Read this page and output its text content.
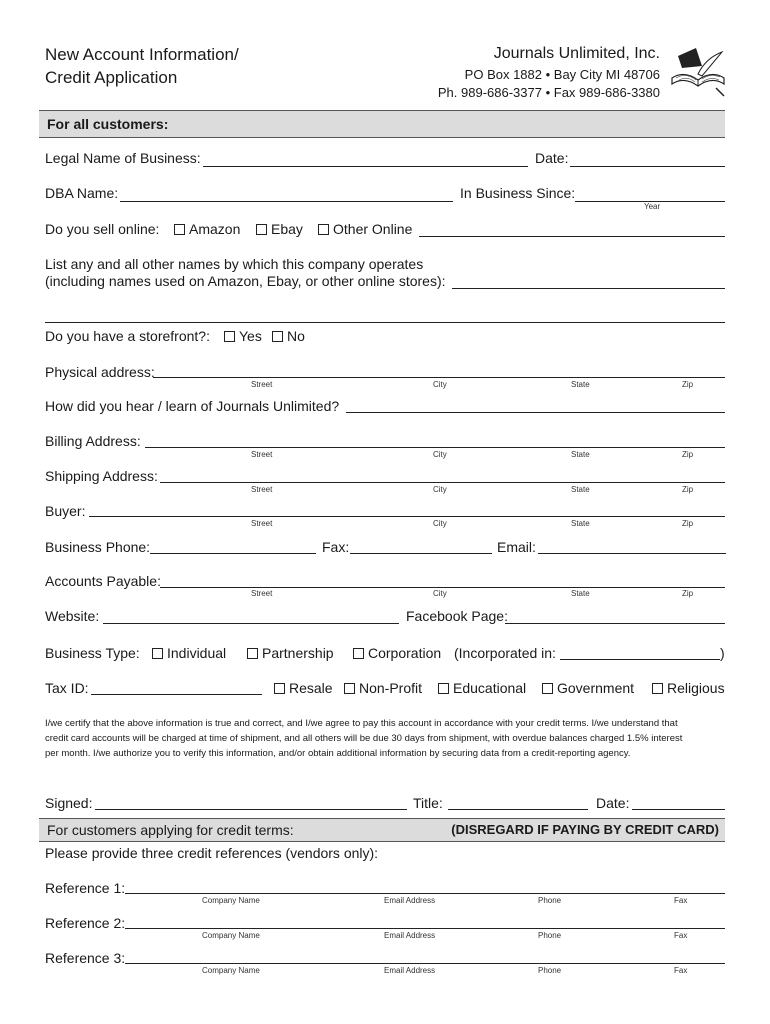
New Account Information/
Credit Application
Journals Unlimited, Inc.
PO Box 1882 • Bay City MI 48706
Ph. 989-686-3377 • Fax 989-686-3380
For all customers:
Legal Name of Business:	Date:
DBA Name:	In Business Since:
Year
Do you sell online:	Amazon	Ebay	Other Online
List any and all other names by which this company operates
(including names used on Amazon, Ebay, or other online stores):
Do you have a storefront?:	Yes	No
Physical address:
Street	City	State	Zip
How did you hear / learn of Journals Unlimited?
Billing Address:
Street	City	State	Zip
Shipping Address:
Street	City	State	Zip
Buyer:
Street	City	State	Zip
Business Phone:	Fax:	Email:
Accounts Payable:
Street	City	State	Zip
Website:	Facebook Page:
Business Type:	Individual	Partnership	Corporation (Incorporated in:	)
Tax ID:	Resale	Non-Profit	Educational	Government	Religious
I/we certify that the above information is true and correct, and I/we agree to pay this account in accordance with your credit terms. I/we understand that
credit card accounts will be charged at time of shipment, and all others will be due 30 days from shipment, with overdue balances charged 1.5% interest
per month. I/we authorize you to verify this information, and/or obtain additional information by securing data from a credit-reporting agency.
Signed:	Title:	Date:
For customers applying for credit terms:	(DISREGARD IF PAYING BY CREDIT CARD)
Please provide three credit references (vendors only):
Reference 1:
Company Name	Email Address	Phone	Fax
Reference 2:
Company Name	Email Address	Phone	Fax
Reference 3:
Company Name	Email Address	Phone	Fax
